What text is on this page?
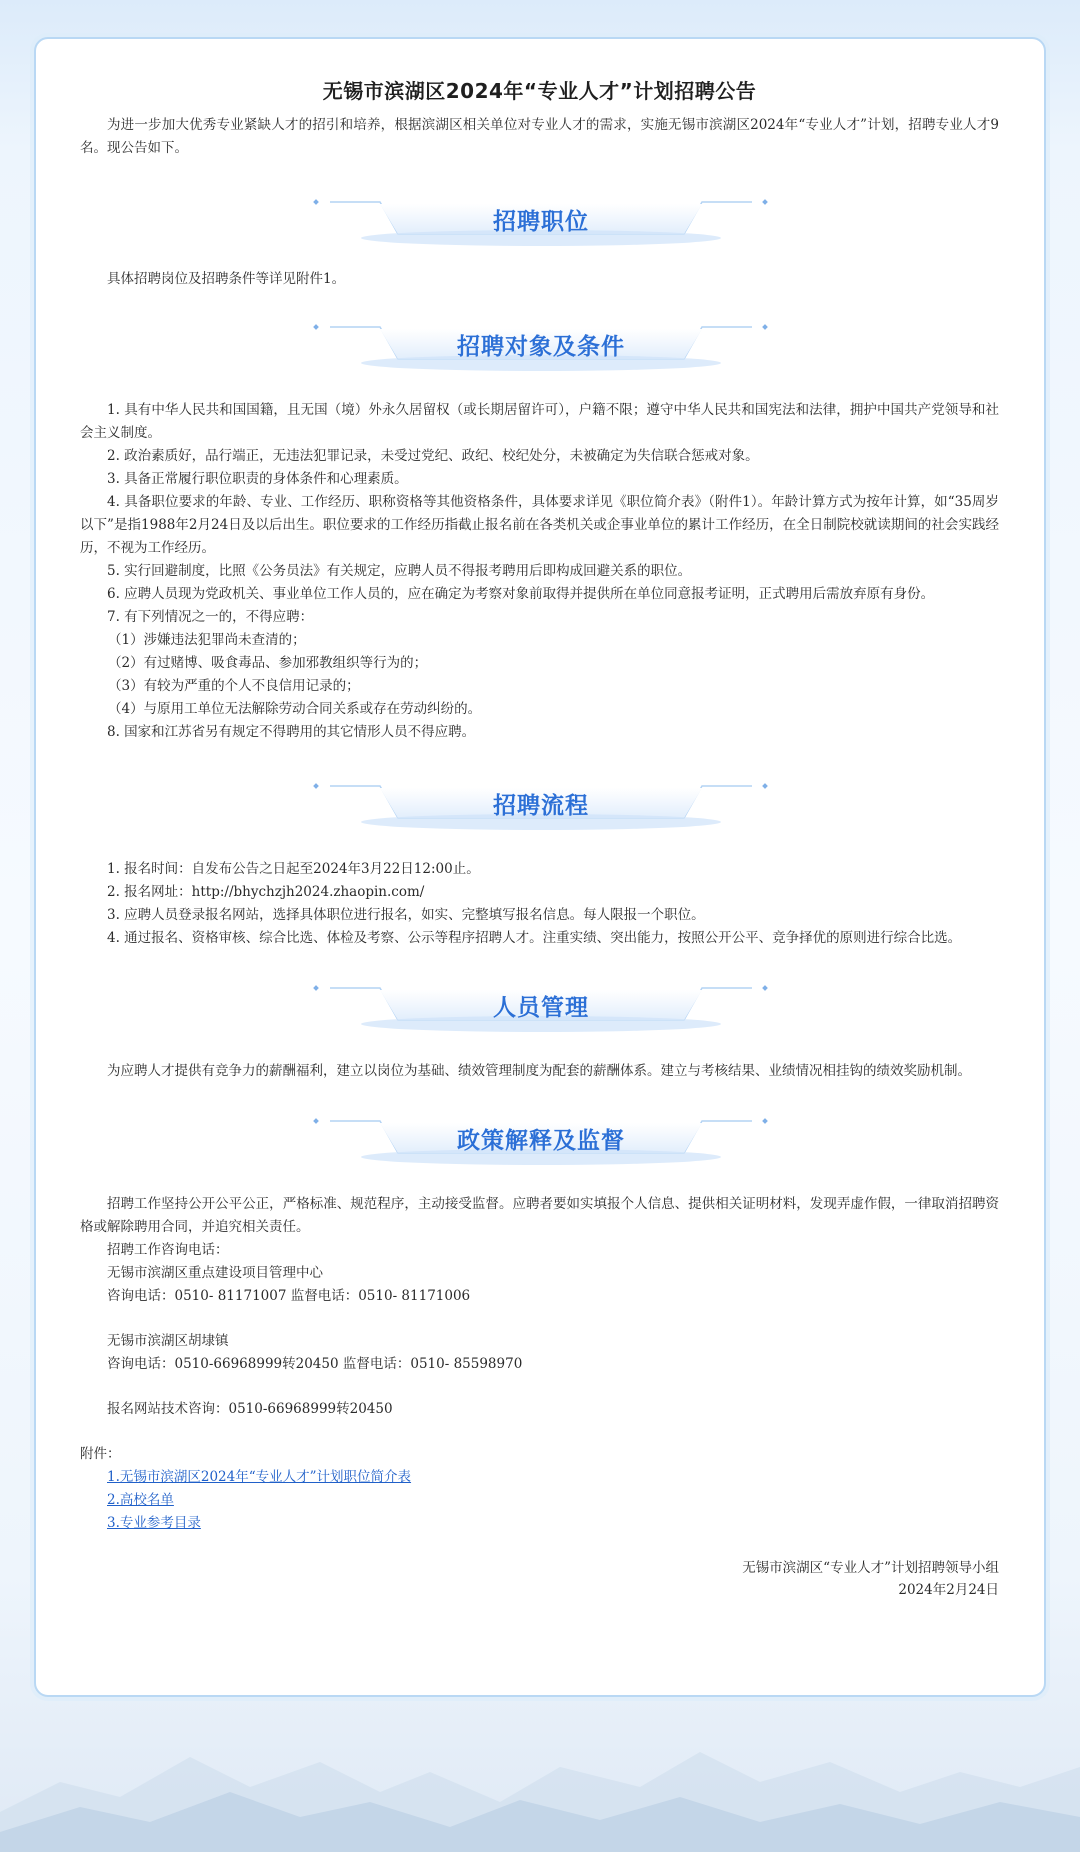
无锡市滨湖区2024年“专业人才”计划招聘公告

为进一步加大优秀专业紧缺人才的招引和培养，根据滨湖区相关单位对专业人才的需求，实施无锡市滨湖区2024年“专业人才”计划，招聘专业人才9名。现公告如下。

招聘职位

具体招聘岗位及招聘条件等详见附件1。

招聘对象及条件

1. 具有中华人民共和国国籍，且无国（境）外永久居留权（或长期居留许可），户籍不限；遵守中华人民共和国宪法和法律，拥护中国共产党领导和社会主义制度。

2. 政治素质好，品行端正，无违法犯罪记录，未受过党纪、政纪、校纪处分，未被确定为失信联合惩戒对象。

3. 具备正常履行职位职责的身体条件和心理素质。

4. 具备职位要求的年龄、专业、工作经历、职称资格等其他资格条件，具体要求详见《职位简介表》（附件1）。年龄计算方式为按年计算，如“35周岁以下”是指1988年2月24日及以后出生。职位要求的工作经历指截止报名前在各类机关或企事业单位的累计工作经历，在全日制院校就读期间的社会实践经历，不视为工作经历。

5. 实行回避制度，比照《公务员法》有关规定，应聘人员不得报考聘用后即构成回避关系的职位。

6. 应聘人员现为党政机关、事业单位工作人员的，应在确定为考察对象前取得并提供所在单位同意报考证明，正式聘用后需放弃原有身份。

7. 有下列情况之一的，不得应聘：

（1）涉嫌违法犯罪尚未查清的；

（2）有过赌博、吸食毒品、参加邪教组织等行为的；

（3）有较为严重的个人不良信用记录的；

（4）与原用工单位无法解除劳动合同关系或存在劳动纠纷的。

8. 国家和江苏省另有规定不得聘用的其它情形人员不得应聘。

招聘流程

1. 报名时间：自发布公告之日起至2024年3月22日12:00止。

2. 报名网址：http://bhychzjh2024.zhaopin.com/

3. 应聘人员登录报名网站，选择具体职位进行报名，如实、完整填写报名信息。每人限报一个职位。

4. 通过报名、资格审核、综合比选、体检及考察、公示等程序招聘人才。注重实绩、突出能力，按照公开公平、竞争择优的原则进行综合比选。

人员管理

为应聘人才提供有竞争力的薪酬福利，建立以岗位为基础、绩效管理制度为配套的薪酬体系。建立与考核结果、业绩情况相挂钩的绩效奖励机制。

政策解释及监督

招聘工作坚持公开公平公正，严格标准、规范程序，主动接受监督。应聘者要如实填报个人信息、提供相关证明材料，发现弄虚作假，一律取消招聘资格或解除聘用合同，并追究相关责任。

招聘工作咨询电话：

无锡市滨湖区重点建设项目管理中心

咨询电话：0510- 81171007 监督电话：0510- 81171006

无锡市滨湖区胡埭镇

咨询电话：0510-66968999转20450 监督电话：0510- 85598970

报名网站技术咨询：0510-66968999转20450

附件：

1.无锡市滨湖区2024年“专业人才”计划职位简介表

2.高校名单

3.专业参考目录

无锡市滨湖区“专业人才”计划招聘领导小组
2024年2月24日
